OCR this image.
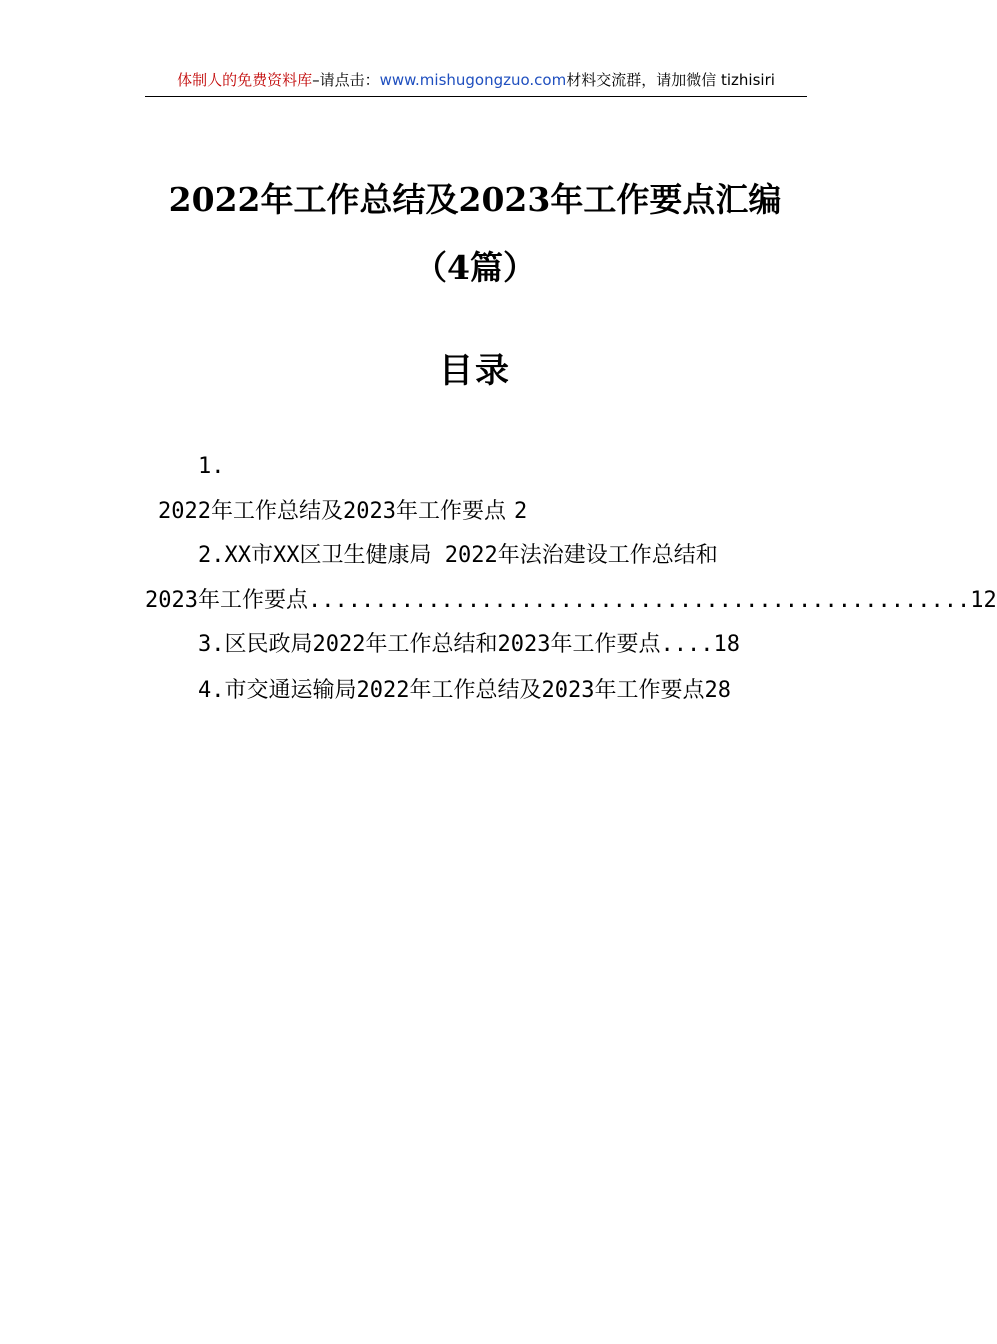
体制人的免费资料库–请点击：www.mishugongzuo.com材料交流群，请加微信 tizhisiri
2022年工作总结及2023年工作要点汇编
（4篇）
目录
1.
2022年工作总结及2023年工作要点 2
2. XX市XX区卫生健康局 2022年法治建设工作总结和
2023年工作要点 .................................................. 12
3.区民政局2022年工作总结和2023年工作要点....18
4.市交通运输局2022年工作总结及2023年工作要点28
